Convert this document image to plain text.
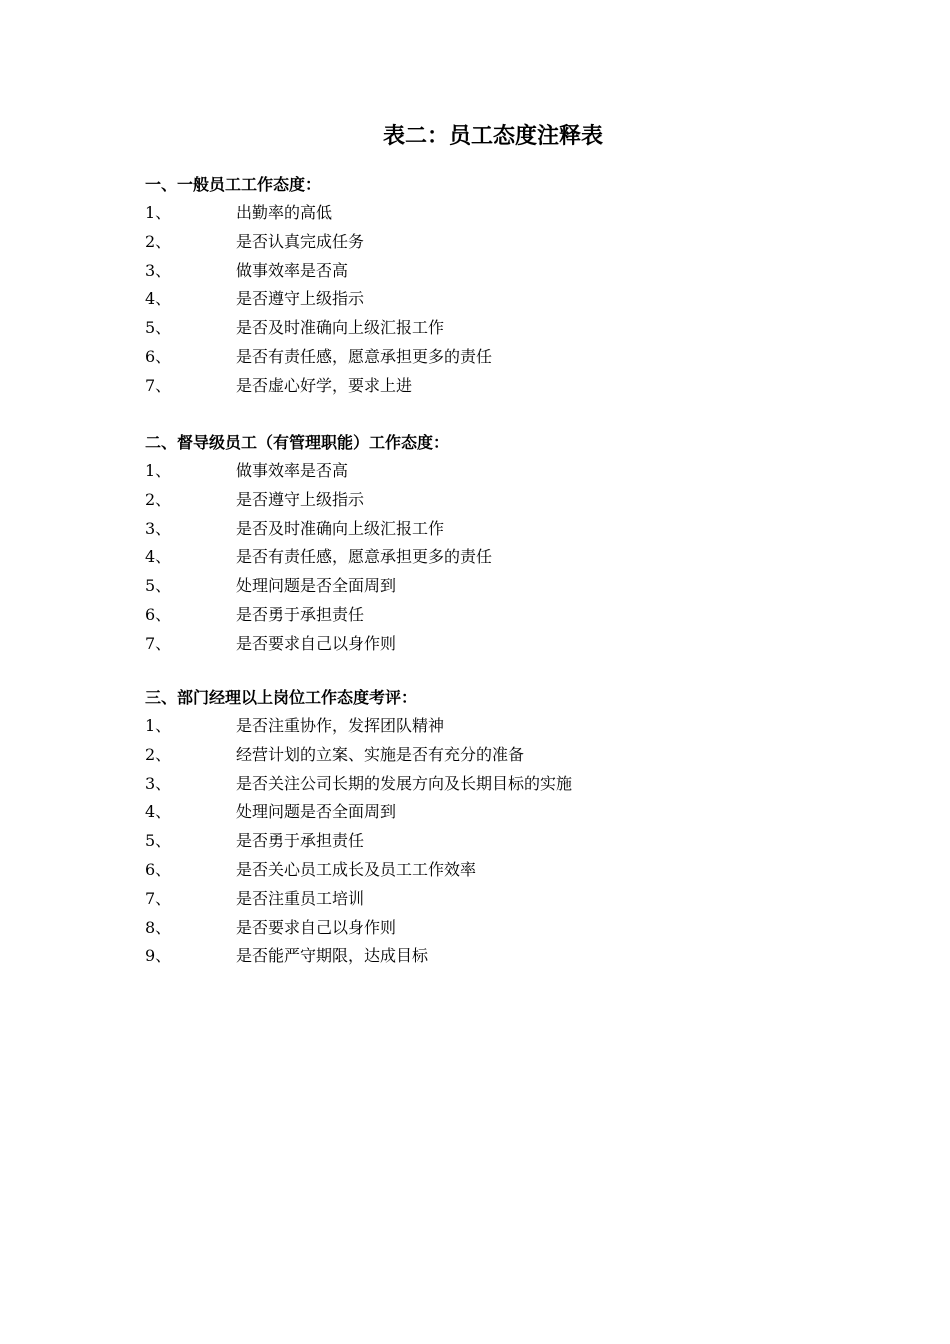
表二：员工态度注释表
一、一般员工工作态度：
1、	出勤率的高低
2、	是否认真完成任务
3、	做事效率是否高
4、	是否遵守上级指示
5、	是否及时准确向上级汇报工作
6、	是否有责任感，愿意承担更多的责任
7、	是否虚心好学，要求上进
二、督导级员工（有管理职能）工作态度：
1、	做事效率是否高
2、	是否遵守上级指示
3、	是否及时准确向上级汇报工作
4、	是否有责任感，愿意承担更多的责任
5、	处理问题是否全面周到
6、	是否勇于承担责任
7、	是否要求自己以身作则
三、部门经理以上岗位工作态度考评：
1、	是否注重协作，发挥团队精神
2、	经营计划的立案、实施是否有充分的准备
3、	是否关注公司长期的发展方向及长期目标的实施
4、	处理问题是否全面周到
5、	是否勇于承担责任
6、	是否关心员工成长及员工工作效率
7、	是否注重员工培训
8、	是否要求自己以身作则
9、	是否能严守期限，达成目标
